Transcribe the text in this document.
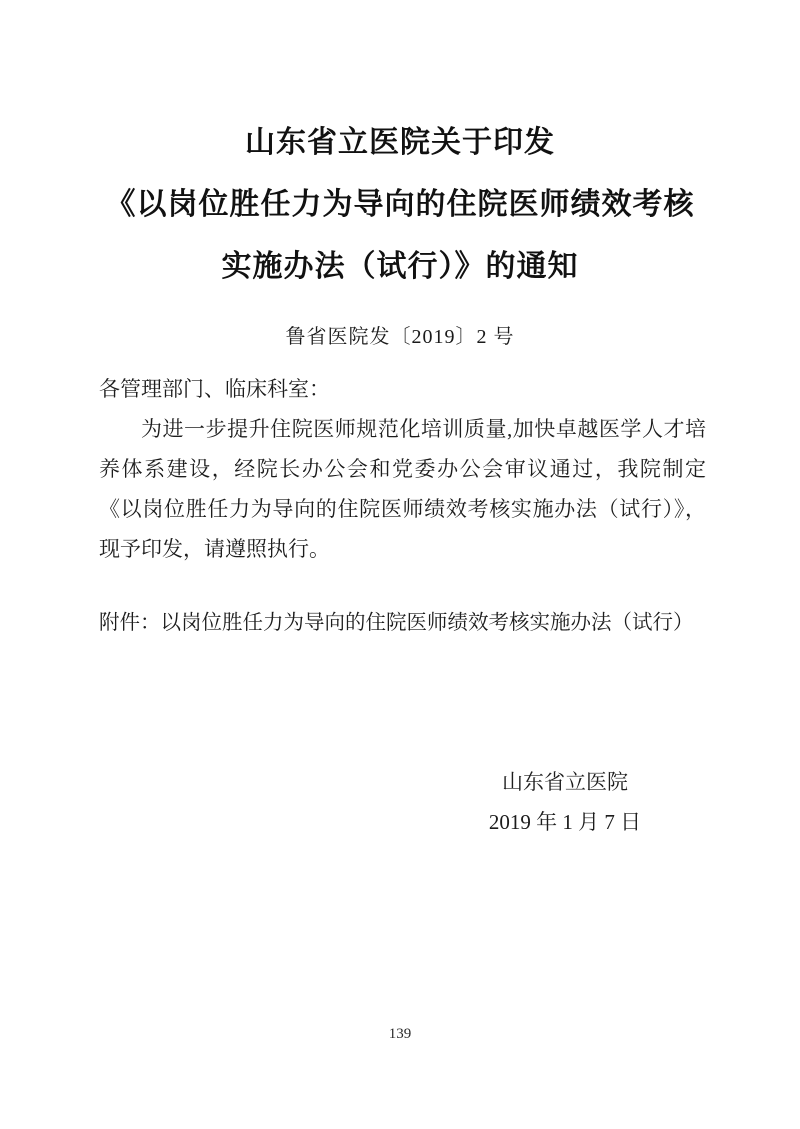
山东省立医院关于印发
《以岗位胜任力为导向的住院医师绩效考核
实施办法（试行）》的通知
鲁省医院发〔2019〕2 号
各管理部门、临床科室：
为进一步提升住院医师规范化培训质量,加快卓越医学人才培养体系建设，经院长办公会和党委办公会审议通过，我院制定《以岗位胜任力为导向的住院医师绩效考核实施办法（试行）》，现予印发，请遵照执行。
附件：以岗位胜任力为导向的住院医师绩效考核实施办法（试行）
山东省立医院
2019 年 1 月 7 日
139
